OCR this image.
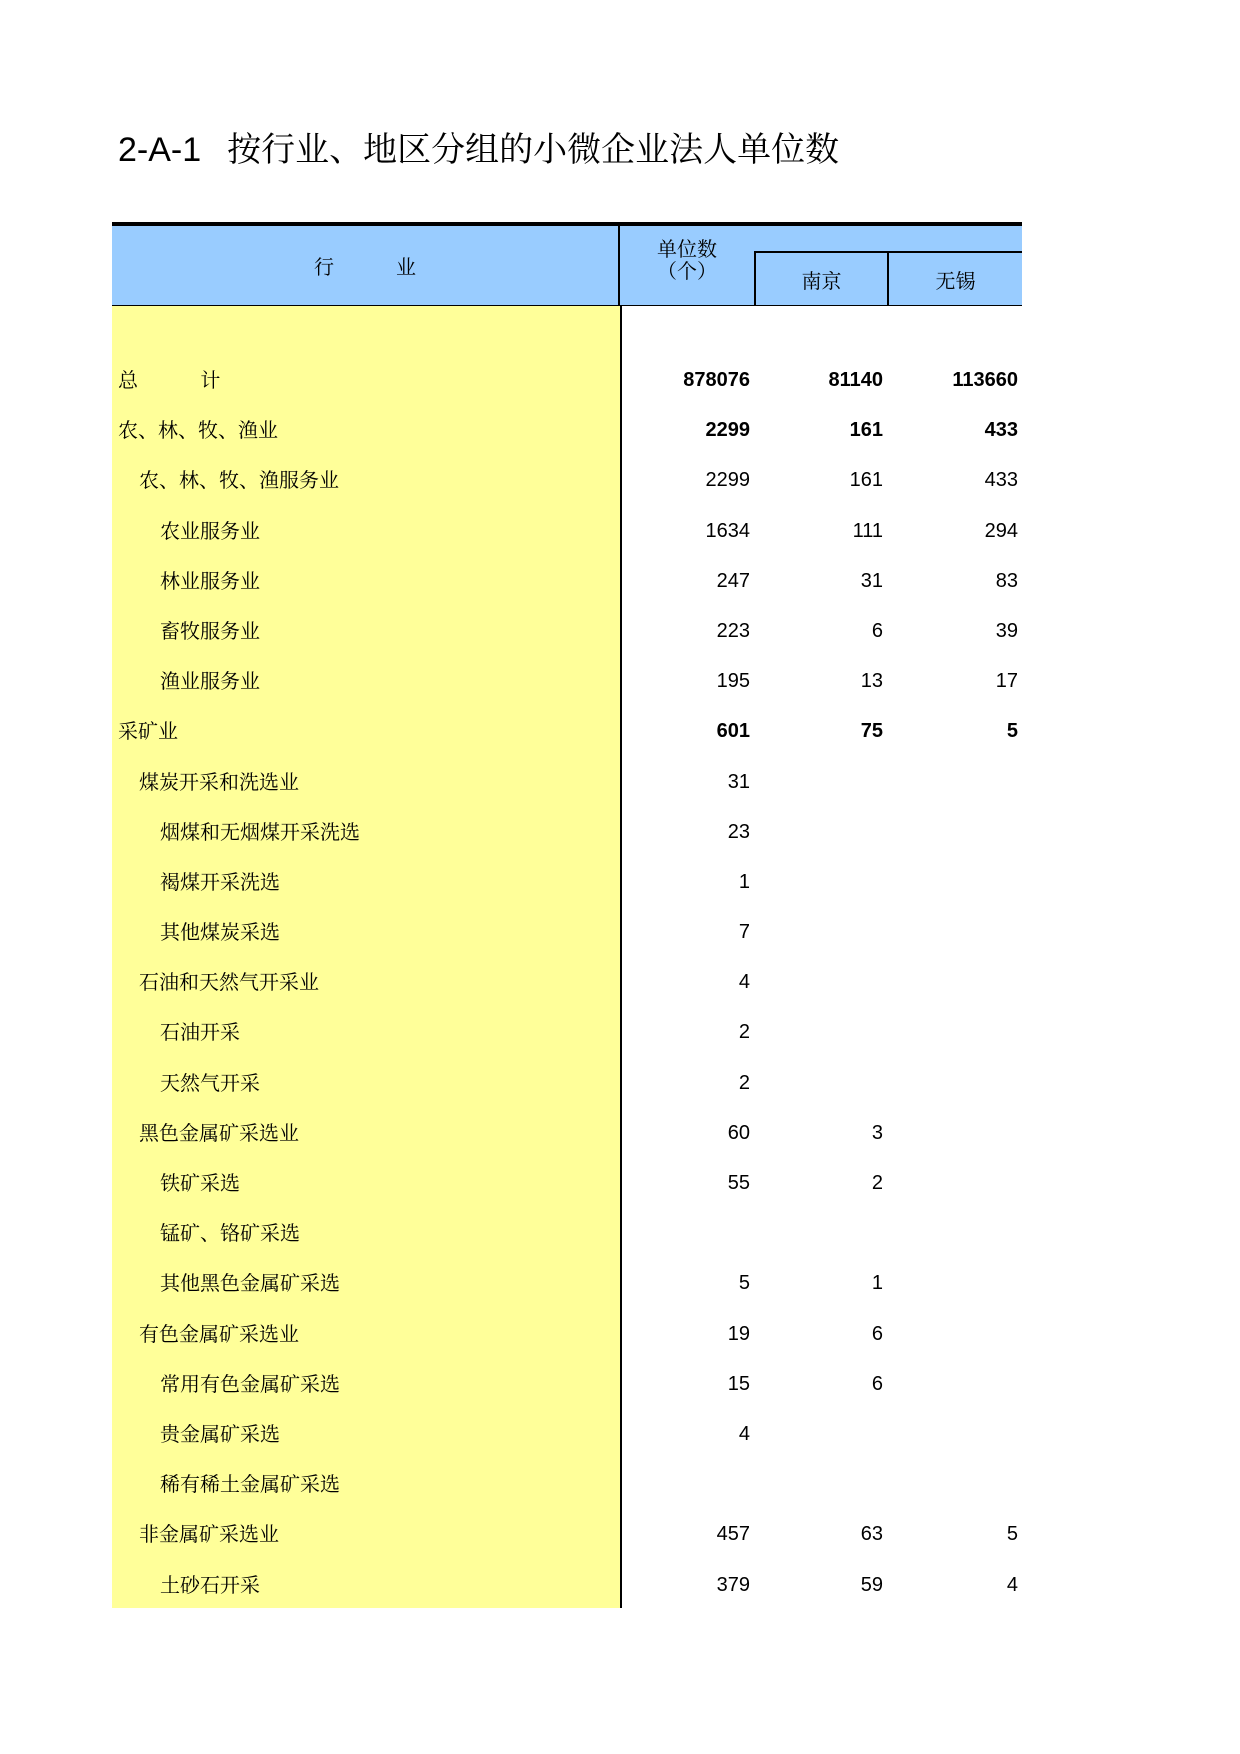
2-A-1 按行业、地区分组的小微企业法人单位数
行业
单位数
（个）	南京	无锡
总 计	878076	81140	113660
农、林、牧、渔业	2299	161	433
农、林、牧、渔服务业	2299	161	433
农业服务业	1634	111	294
林业服务业	247	31	83
畜牧服务业	223	6	39
渔业服务业	195	13	17
采矿业	601	75	5
煤炭开采和洗选业	31
烟煤和无烟煤开采洗选	23
褐煤开采洗选	1
其他煤炭采选	7
石油和天然气开采业	4
石油开采	2
天然气开采	2
黑色金属矿采选业	60	3
铁矿采选	55	2
锰矿、铬矿采选
其他黑色金属矿采选	5	1
有色金属矿采选业	19	6
常用有色金属矿采选	15	6
贵金属矿采选	4
稀有稀土金属矿采选
非金属矿采选业	457	63	5
土砂石开采	379	59	4
